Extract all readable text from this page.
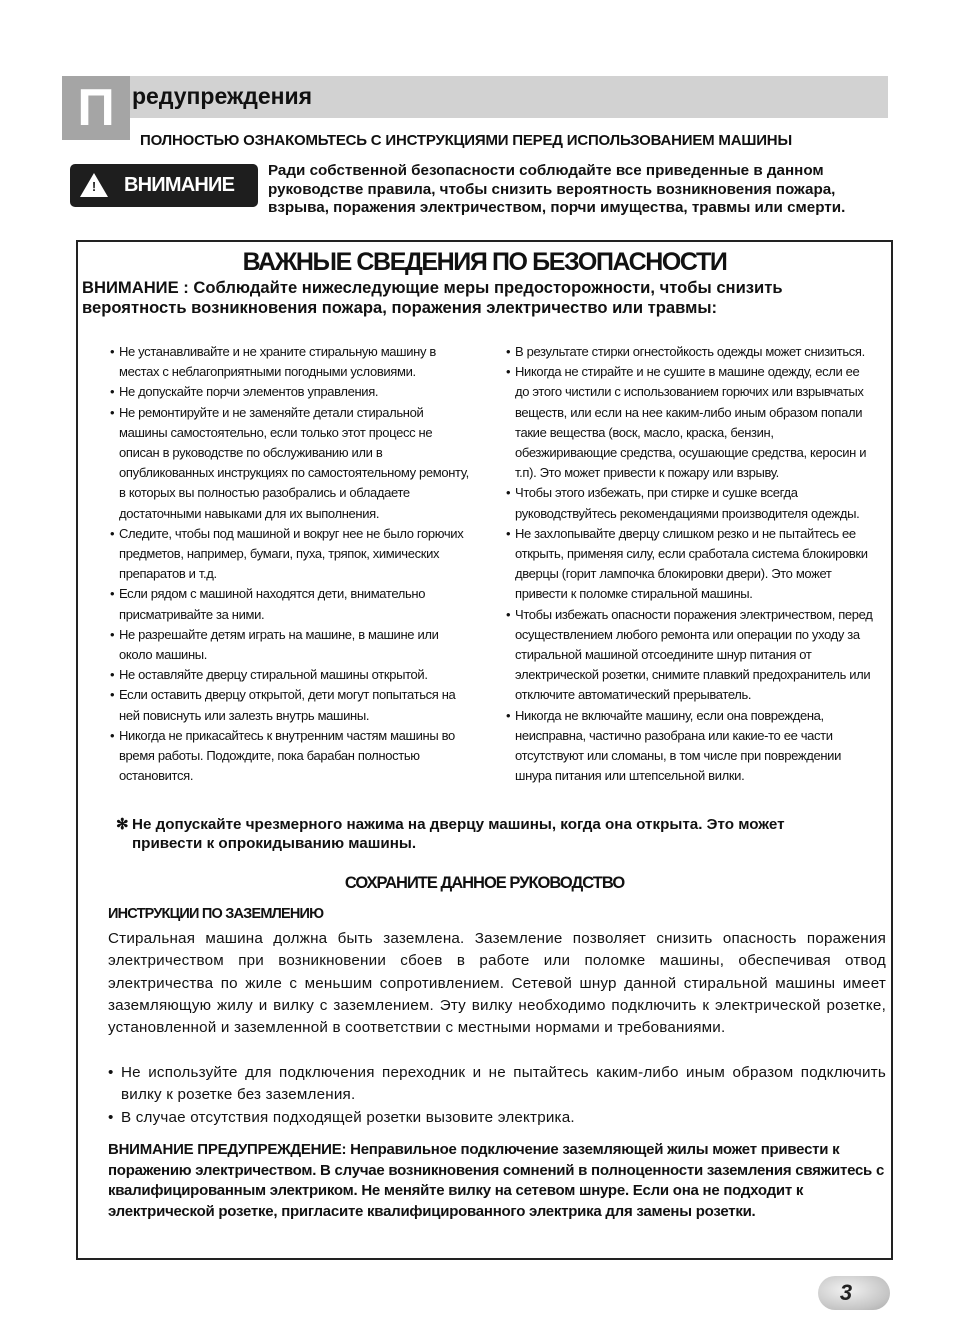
П редупреждения
ПОЛНОСТЬЮ ОЗНАКОМЬТЕСЬ С ИНСТРУКЦИЯМИ ПЕРЕД ИСПОЛЬЗОВАНИЕМ МАШИНЫ
! ВНИМАНИЕ
Ради собственной безопасности соблюдайте все приведенные в данном руководстве правила, чтобы снизить вероятность возникновения пожара, взрыва, поражения электричеством, порчи имущества, травмы или смерти.
ВАЖНЫЕ СВЕДЕНИЯ ПО БЕЗОПАСНОСТИ
ВНИМАНИЕ : Соблюдайте нижеследующие меры предосторожности, чтобы снизить вероятность возникновения пожара, поражения электричество или травмы:
• Не устанавливайте и не храните стиральную машину в местах с неблагоприятными погодными условиями.
• Не допускайте порчи элементов управления.
• Не ремонтируйте и не заменяйте детали стиральной машины самостоятельно, если только этот процесс не описан в руководстве по обслуживанию или в опубликованных инструкциях по самостоятельному ремонту, в которых вы полностью разобрались и обладаете достаточными навыками для их выполнения.
• Следите, чтобы под машиной и вокруг нее не было горючих предметов, например, бумаги, пуха, тряпок, химических препаратов и т.д.
• Если рядом с машиной находятся дети, внимательно присматривайте за ними.
• Не разрешайте детям играть на машине, в машине или около машины.
• Не оставляйте дверцу стиральной машины открытой.
• Если оставить дверцу открытой, дети могут попытаться на ней повиснуть или залезть внутрь машины.
• Никогда не прикасайтесь к внутренним частям машины во время работы. Подождите, пока барабан полностью остановится.
• В результате стирки огнестойкость одежды может снизиться.
• Никогда не стирайте и не сушите в машине одежду, если ее до этого чистили с использованием горючих или взрывчатых веществ, или если на нее каким-либо иным образом попали такие вещества (воск, масло, краска, бензин, обезжиривающие средства, осушающие средства, керосин и т.п). Это может привести к пожару или взрыву.
• Чтобы этого избежать, при стирке и сушке всегда руководствуйтесь рекомендациями производителя одежды.
• Не захлопывайте дверцу слишком резко и не пытайтесь ее открыть, применяя силу, если сработала система блокировки дверцы (горит лампочка блокировки двери). Это может привести к поломке стиральной машины.
• Чтобы избежать опасности поражения электричеством, перед осуществлением любого ремонта или операции по уходу за стиральной машиной отсоедините шнур питания от электрической розетки, снимите плавкий предохранитель или отключите автоматический прерыватель.
• Никогда не включайте машину, если она повреждена, неисправна, частично разобрана или какие-то ее части отсутствуют или сломаны, в том числе при повреждении шнура питания или штепсельной вилки.
✻ Не допускайте чрезмерного нажима на дверцу машины, когда она открыта. Это может привести к опрокидыванию машины.
СОХРАНИТЕ ДАННОЕ РУКОВОДСТВО
ИНСТРУКЦИИ ПО ЗАЗЕМЛЕНИЮ
Стиральная машина должна быть заземлена. Заземление позволяет снизить опасность поражения электричеством при возникновении сбоев в работе или поломке машины, обеспечивая отвод электричества по жиле с меньшим сопротивлением. Сетевой шнур данной стиральной машины имеет заземляющую жилу и вилку с заземлением. Эту вилку необходимо подключить к электрической розетке, установленной и заземленной в соответствии с местными нормами и требованиями.
• Не используйте для подключения переходник и не пытайтесь каким-либо иным образом подключить вилку к розетке без заземления.
• В случае отсутствия подходящей розетки вызовите электрика.
ВНИМАНИЕ ПРЕДУПРЕЖДЕНИЕ: Неправильное подключение заземляющей жилы может привести к поражению электричеством. В случае возникновения сомнений в полноценности заземления свяжитесь с квалифицированным электриком. Не меняйте вилку на сетевом шнуре. Если она не подходит к электрической розетке, пригласите квалифицированного электрика для замены розетки.
3
